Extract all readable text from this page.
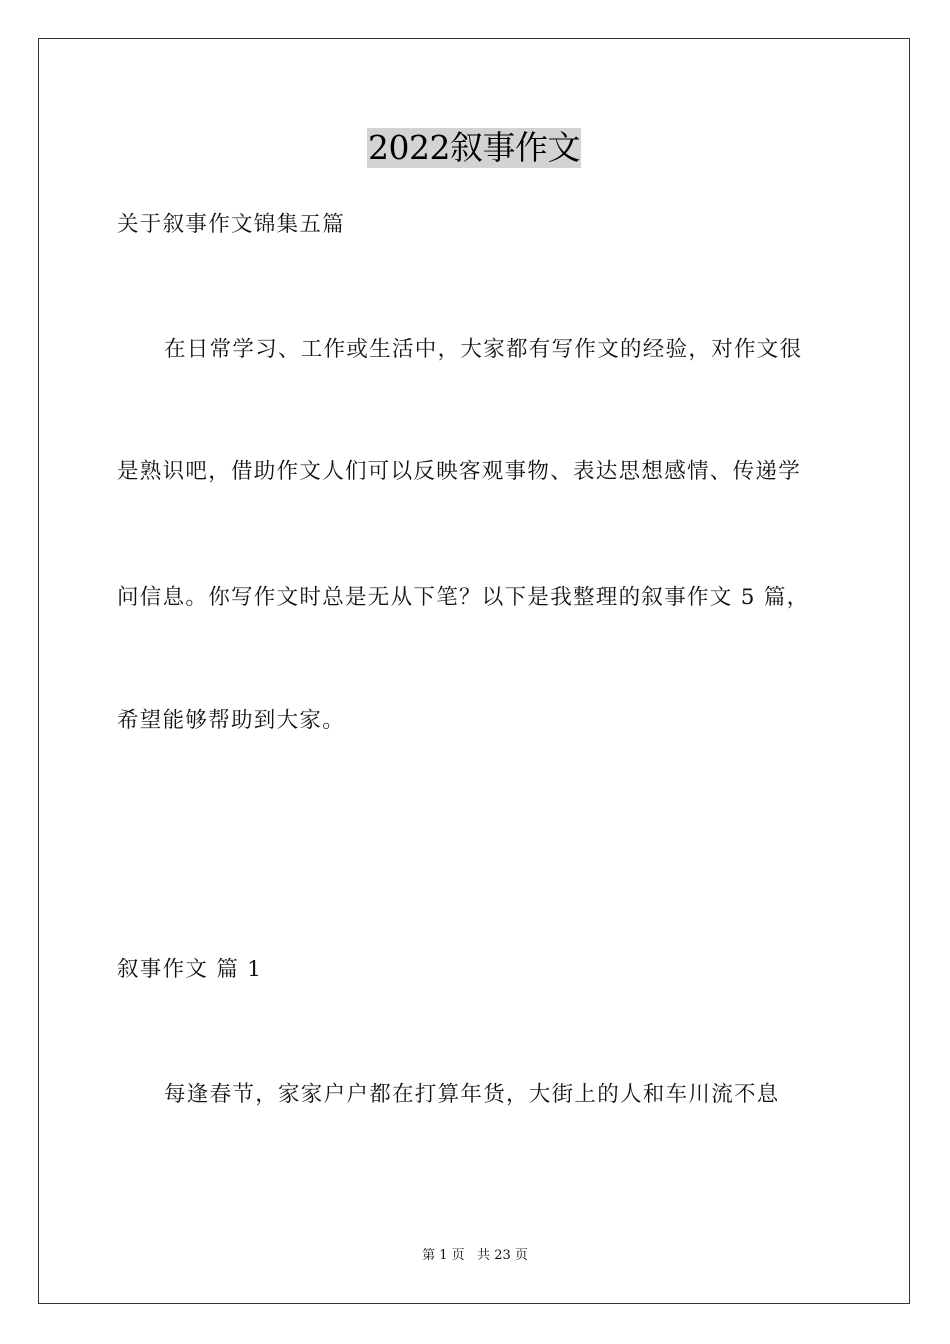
2022叙事作文
关于叙事作文锦集五篇
在日常学习、工作或生活中，大家都有写作文的经验，对作文很
是熟识吧，借助作文人们可以反映客观事物、表达思想感情、传递学
问信息。你写作文时总是无从下笔？以下是我整理的叙事作文 5 篇，
希望能够帮助到大家。
叙事作文 篇 1
每逢春节，家家户户都在打算年货，大街上的人和车川流不息
第 1 页   共 23 页
